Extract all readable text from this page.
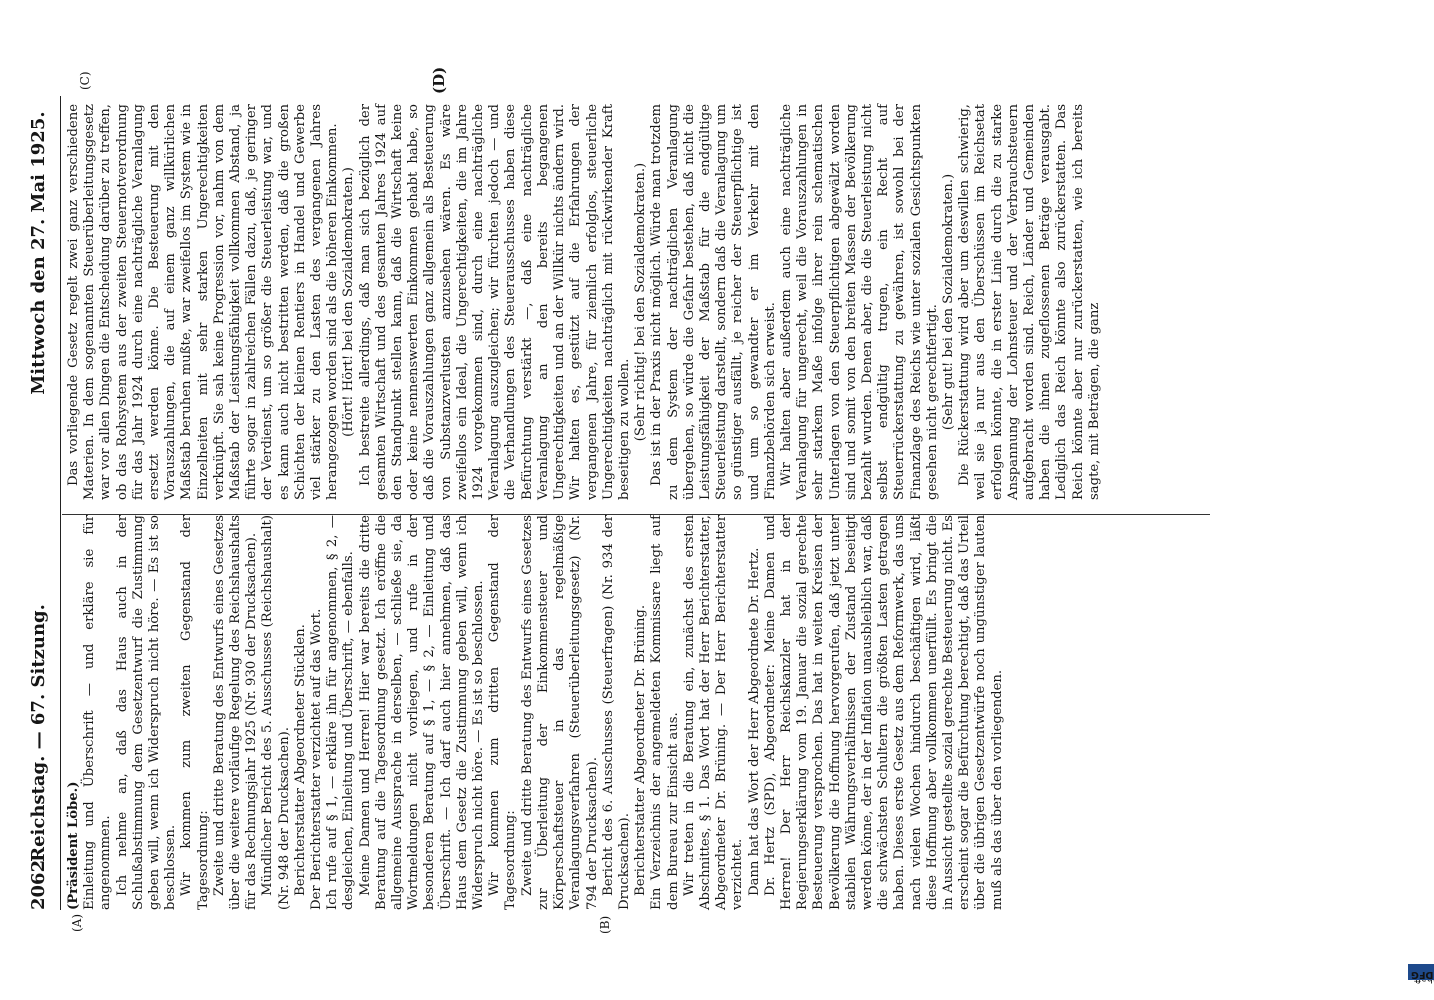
2062
Reichstag. — 67. Sitzung.
Mittwoch den 27. Mai 1925.
(A)	(B)
(C)	(D)

(Präsident Löbe.) Einleitung und Überschrift — und erkläre sie für angenommen. Ich nehme an, daß das Haus auch in der Schlußabstimmung dem Gesetzentwurf die Zustimmung geben will, wenn ich Widerspruch nicht höre. — Es ist so beschlossen. Wir kommen zum zweiten Gegenstand der Tagesordnung: Zweite und dritte Beratung des Entwurfs eines Gesetzes über die weitere vorläufige Regelung des Reichshaushalts für das Rechnungsjahr 1925 (Nr. 930 der Drucksachen). Mündlicher Bericht des 5. Ausschusses (Reichshaushalt) (Nr. 948 der Drucksachen). Berichterstatter Abgeordneter Stücklen. Der Berichterstatter verzichtet auf das Wort. Ich rufe auf § 1, — erkläre ihn für angenommen, § 2, — desgleichen, Einleitung und Überschrift, — ebenfalls. Meine Damen und Herren! Hier war bereits die dritte Beratung auf die Tagesordnung gesetzt. Ich eröffne die allgemeine Aussprache in derselben, — schließe sie, da Wortmeldungen nicht vorliegen, und rufe in der besonderen Beratung auf § 1, — § 2, — Einleitung und Überschrift. — Ich darf auch hier annehmen, daß das Haus dem Gesetz die Zustimmung geben will, wenn ich Widerspruch nicht höre. — Es ist so beschlossen. Wir kommen zum dritten Gegenstand der Tagesordnung: Zweite und dritte Beratung des Entwurfs eines Gesetzes zur Überleitung der Einkommensteuer und Körperschaftsteuer in das regelmäßige Veranlagungsverfahren (Steuerüberleitungsgesetz) (Nr. 794 der Drucksachen). Bericht des 6. Ausschusses (Steuerfragen) (Nr. 934 der Drucksachen). Berichterstatter Abgeordneter Dr. Brüning. Ein Verzeichnis der angemeldeten Kommissare liegt auf dem Bureau zur Einsicht aus. Wir treten in die Beratung ein, zunächst des ersten Abschnittes, § 1. Das Wort hat der Herr Berichterstatter, Abgeordneter Dr. Brüning. — Der Herr Berichterstatter verzichtet. Dann hat das Wort der Herr Abgeordnete Dr. Hertz. Dr. Hertz (SPD), Abgeordneter: Meine Damen und Herren! Der Herr Reichskanzler hat in der Regierungserklärung vom 19. Januar die sozial gerechte Besteuerung versprochen. Das hat in weiten Kreisen der Bevölkerung die Hoffnung hervorgerufen, daß jetzt unter stabilen Währungsverhältnissen der Zustand beseitigt werden könne, der in der Inflation unausbleiblich war, daß die schwächsten Schultern die größten Lasten getragen haben. Dieses erste Gesetz aus dem Reformwerk, das uns nach vielen Wochen hindurch beschäftigen wird, läßt diese Hoffnung aber vollkommen unerfüllt. Es bringt die in Aussicht gestellte sozial gerechte Besteuerung nicht. Es erscheint sogar die Befürchtung berechtigt, daß das Urteil über die übrigen Gesetzentwürfe noch ungünstiger lauten muß als das über den vorliegenden.

Das vorliegende Gesetz regelt zwei ganz verschiedene Materien. In dem sogenannten Steuerüberleitungsgesetz war vor allen Dingen die Entscheidung darüber zu treffen, ob das Rohsystem aus der zweiten Steuernotverordnung für das Jahr 1924 durch eine nachträgliche Veranlagung ersetzt werden könne. Die Besteuerung mit den Vorauszahlungen, die auf einem ganz willkürlichen Maßstab beruhen mußte, war zweifellos im System wie in Einzelheiten mit sehr starken Ungerechtigkeiten verknüpft. Sie sah keine Progression vor, nahm von dem Maßstab der Leistungsfähigkeit vollkommen Abstand, ja führte sogar in zahlreichen Fällen dazu, daß, je geringer der Verdienst, um so größer die Steuerleistung war, und es kann auch nicht bestritten werden, daß die großen Schichten der kleinen Rentiers in Handel und Gewerbe viel stärker zu den Lasten des vergangenen Jahres herangezogen worden sind als die höheren Einkommen. (Hört! Hört! bei den Sozialdemokraten.) Ich bestreite allerdings, daß man sich bezüglich der gesamten Wirtschaft und des gesamten Jahres 1924 auf den Standpunkt stellen kann, daß die Wirtschaft keine oder keine nennenswerten Einkommen gehabt habe, so daß die Vorauszahlungen ganz allgemein als Besteuerung von Substanzverlusten anzusehen wären. Es wäre zweifellos ein Ideal, die Ungerechtigkeiten, die im Jahre 1924 vorgekommen sind, durch eine nachträgliche Veranlagung auszugleichen; wir fürchten jedoch — und die Verhandlungen des Steuerausschusses haben diese Befürchtung verstärkt —, daß eine nachträgliche Veranlagung an den bereits begangenen Ungerechtigkeiten und an der Willkür nichts ändern wird. Wir halten es, gestützt auf die Erfahrungen der vergangenen Jahre, für ziemlich erfolglos, steuerliche Ungerechtigkeiten nachträglich mit rückwirkender Kraft beseitigen zu wollen. (Sehr richtig! bei den Sozialdemokraten.) Das ist in der Praxis nicht möglich. Würde man trotzdem zu dem System der nachträglichen Veranlagung übergehen, so würde die Gefahr bestehen, daß nicht die Leistungsfähigkeit der Maßstab für die endgültige Steuerleistung darstellt, sondern daß die Veranlagung um so günstiger ausfällt, je reicher der Steuerpflichtige ist und um so gewandter er im Verkehr mit den Finanzbehörden sich erweist. Wir halten aber außerdem auch eine nachträgliche Veranlagung für ungerecht, weil die Vorauszahlungen in sehr starkem Maße infolge ihrer rein schematischen Unterlagen von den Steuerpflichtigen abgewälzt worden sind und somit von den breiten Massen der Bevölkerung bezahlt wurden. Denen aber, die die Steuerleistung nicht selbst endgültig trugen, ein Recht auf Steuerrückerstattung zu gewähren, ist sowohl bei der Finanzlage des Reichs wie unter sozialen Gesichtspunkten gesehen nicht gerechtfertigt. (Sehr gut! bei den Sozialdemokraten.) Die Rückerstattung wird aber um deswillen schwierig, weil sie ja nur aus den Überschüssen im Reichsetat erfolgen könnte, die in erster Linie durch die zu starke Anspannung der Lohnsteuer und der Verbrauchsteuern aufgebracht worden sind. Reich, Länder und Gemeinden haben die ihnen zugeflossenen Beträge verausgabt. Lediglich das Reich könnte also zurückerstatten. Das Reich könnte aber nur zurückerstatten, wie ich bereits sagte, mit Beträgen, die ganz

DFG
